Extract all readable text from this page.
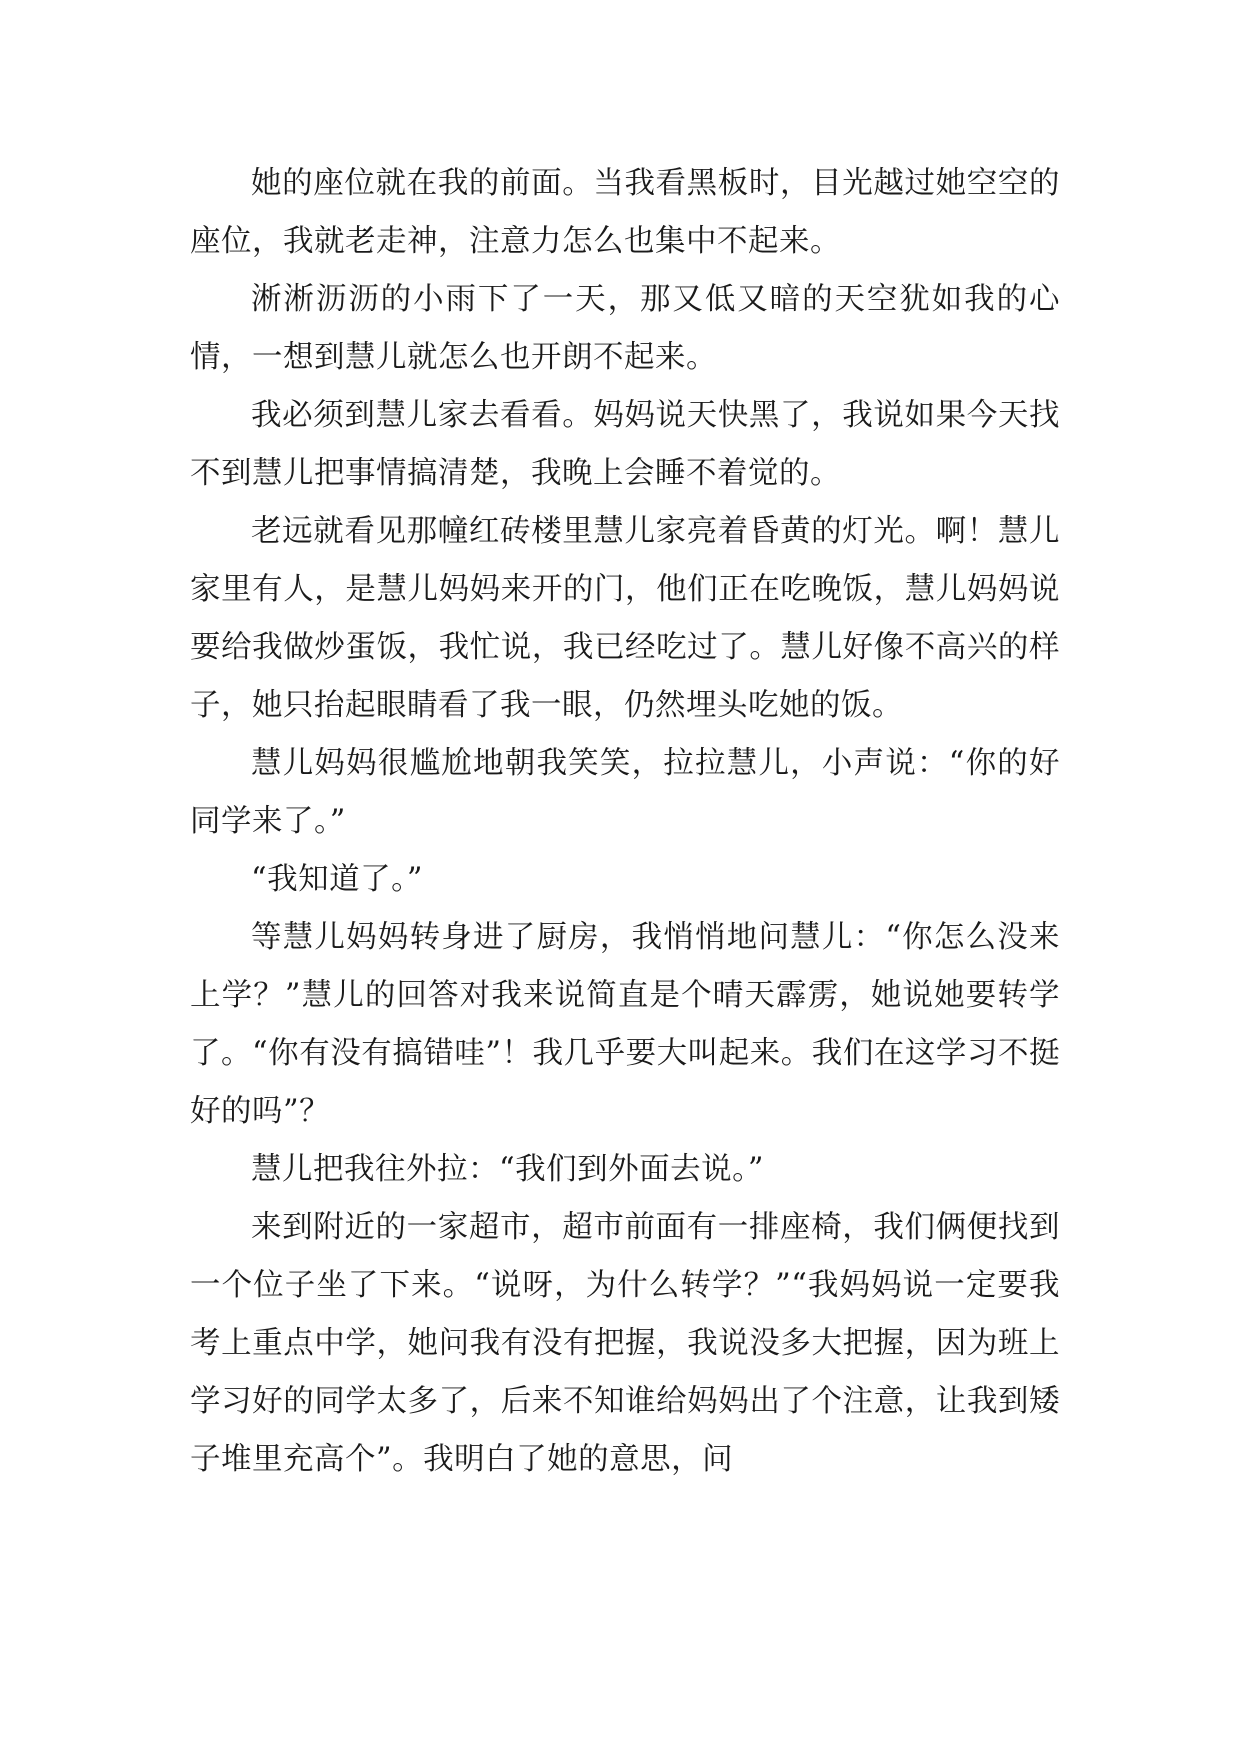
她的座位就在我的前面。当我看黑板时，目光越过她空空的座位，我就老走神，注意力怎么也集中不起来。

淅淅沥沥的小雨下了一天，那又低又暗的天空犹如我的心情，一想到慧儿就怎么也开朗不起来。

我必须到慧儿家去看看。妈妈说天快黑了，我说如果今天找不到慧儿把事情搞清楚，我晚上会睡不着觉的。

老远就看见那幢红砖楼里慧儿家亮着昏黄的灯光。啊！慧儿家里有人，是慧儿妈妈来开的门，他们正在吃晚饭，慧儿妈妈说要给我做炒蛋饭，我忙说，我已经吃过了。慧儿好像不高兴的样子，她只抬起眼睛看了我一眼，仍然埋头吃她的饭。

慧儿妈妈很尴尬地朝我笑笑，拉拉慧儿，小声说：“你的好同学来了。”

“我知道了。”

等慧儿妈妈转身进了厨房，我悄悄地问慧儿：“你怎么没来上学？”慧儿的回答对我来说简直是个晴天霹雳，她说她要转学了。“你有没有搞错哇”！我几乎要大叫起来。我们在这学习不挺好的吗”？

慧儿把我往外拉：“我们到外面去说。”

来到附近的一家超市，超市前面有一排座椅，我们俩便找到一个位子坐了下来。“说呀，为什么转学？”“我妈妈说一定要我考上重点中学，她问我有没有把握，我说没多大把握，因为班上学习好的同学太多了，后来不知谁给妈妈出了个注意，让我到矮子堆里充高个”。我明白了她的意思，问
